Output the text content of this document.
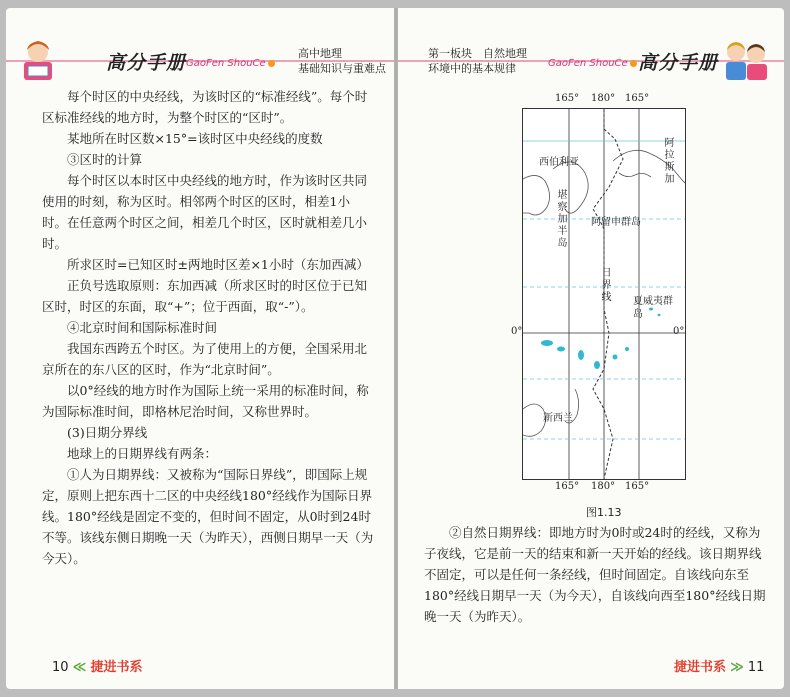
高分手册 GaoFen ShouCe
高中地理
基础知识与重难点

每个时区的中央经线，为该时区的“标准经线”。每个时区标准经线的地方时，为整个时区的“区时”。

某地所在时区数×15°=该时区中央经线的度数

③区时的计算

每个时区以本时区中央经线的地方时，作为该时区共同使用的时刻，称为区时。相邻两个时区的区时，相差1小时。在任意两个时区之间，相差几个时区，区时就相差几小时。

所求区时=已知区时±两地时区差×1小时（东加西减）

正负号选取原则：东加西减（所求区时的时区位于已知区时，时区的东面，取“+”；位于西面，取“-”）。

④北京时间和国际标准时间

我国东西跨五个时区。为了使用上的方便，全国采用北京所在的东八区的区时，作为“北京时间”。

以0°经线的地方时作为国际上统一采用的标准时间，称为国际标准时间，即格林尼治时间，又称世界时。

(3)日期分界线

地球上的日期界线有两条：

①人为日期界线：又被称为“国际日界线”，即国际上规定，原则上把东西十二区的中央经线180°经线作为国际日界线。180°经线是固定不变的，但时间不固定，从0时到24时不等。该线东侧日期晚一天（为昨天），西侧日期早一天（为今天）。

10 ≪ 捷进书系
第一板块　自然地理
环境中的基本规律	GaoFen ShouCe 高分手册
165° 180° 165°
165° 180° 165°
0°	0°
西伯利亚	阿拉斯加
堪察加半岛	阿留申群岛
日界线 夏威夷群岛
新西兰
图1.13

②自然日期界线：即地方时为0时或24时的经线，又称为子夜线，它是前一天的结束和新一天开始的经线。该日期界线不固定，可以是任何一条经线，但时间固定。自该线向东至180°经线日期早一天（为今天），自该线向西至180°经线日期晚一天（为昨天）。

捷进书系 ≫ 11
